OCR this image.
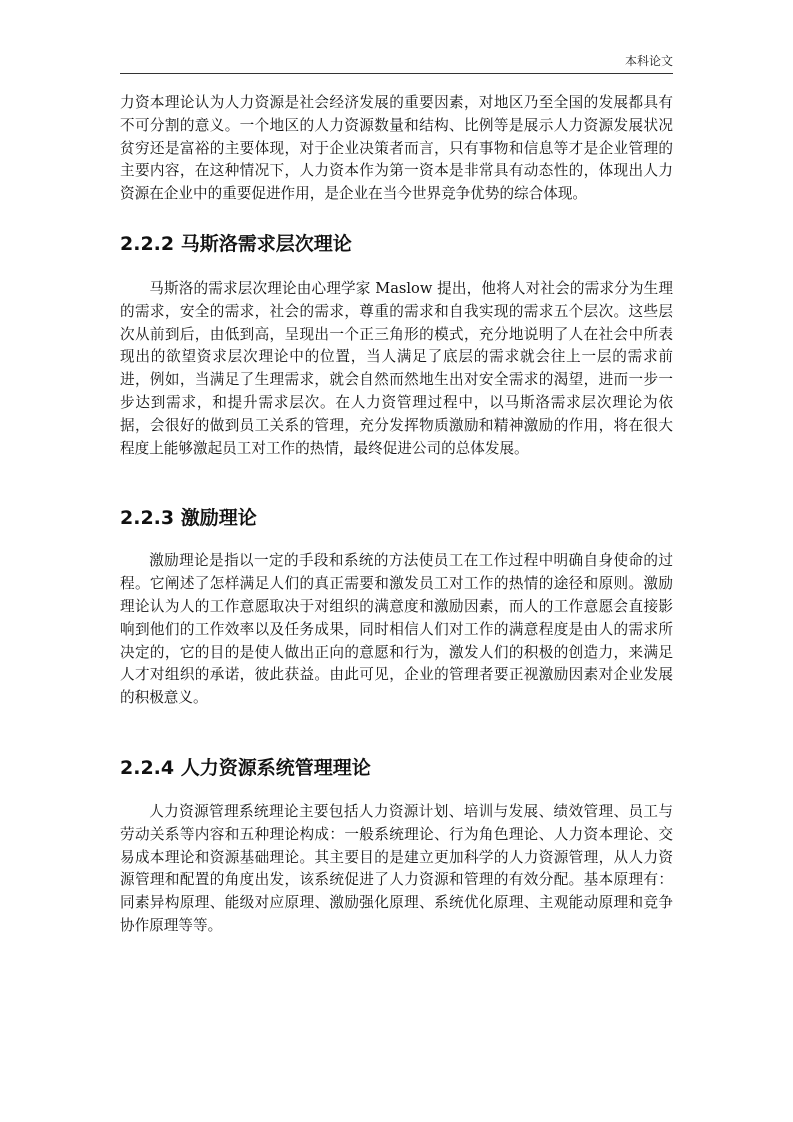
本科论文

力资本理论认为人力资源是社会经济发展的重要因素，对地区乃至全国的发展都具有不可分割的意义。一个地区的人力资源数量和结构、比例等是展示人力资源发展状况贫穷还是富裕的主要体现，对于企业决策者而言，只有事物和信息等才是企业管理的主要内容，在这种情况下，人力资本作为第一资本是非常具有动态性的，体现出人力资源在企业中的重要促进作用，是企业在当今世界竞争优势的综合体现。

2.2.2 马斯洛需求层次理论

马斯洛的需求层次理论由心理学家 Maslow 提出，他将人对社会的需求分为生理的需求，安全的需求，社会的需求，尊重的需求和自我实现的需求五个层次。这些层次从前到后，由低到高，呈现出一个正三角形的模式，充分地说明了人在社会中所表现出的欲望资求层次理论中的位置，当人满足了底层的需求就会往上一层的需求前进，例如，当满足了生理需求，就会自然而然地生出对安全需求的渴望，进而一步一步达到需求，和提升需求层次。在人力资管理过程中，以马斯洛需求层次理论为依据，会很好的做到员工关系的管理，充分发挥物质激励和精神激励的作用，将在很大程度上能够激起员工对工作的热情，最终促进公司的总体发展。

2.2.3 激励理论

激励理论是指以一定的手段和系统的方法使员工在工作过程中明确自身使命的过程。它阐述了怎样满足人们的真正需要和激发员工对工作的热情的途径和原则。激励理论认为人的工作意愿取决于对组织的满意度和激励因素，而人的工作意愿会直接影响到他们的工作效率以及任务成果，同时相信人们对工作的满意程度是由人的需求所决定的，它的目的是使人做出正向的意愿和行为，激发人们的积极的创造力，来满足人才对组织的承诺，彼此获益。由此可见，企业的管理者要正视激励因素对企业发展的积极意义。

2.2.4 人力资源系统管理理论

人力资源管理系统理论主要包括人力资源计划、培训与发展、绩效管理、员工与劳动关系等内容和五种理论构成：一般系统理论、行为角色理论、人力资本理论、交易成本理论和资源基础理论。其主要目的是建立更加科学的人力资源管理，从人力资源管理和配置的角度出发，该系统促进了人力资源和管理的有效分配。基本原理有：同素异构原理、能级对应原理、激励强化原理、系统优化原理、主观能动原理和竞争协作原理等等。
